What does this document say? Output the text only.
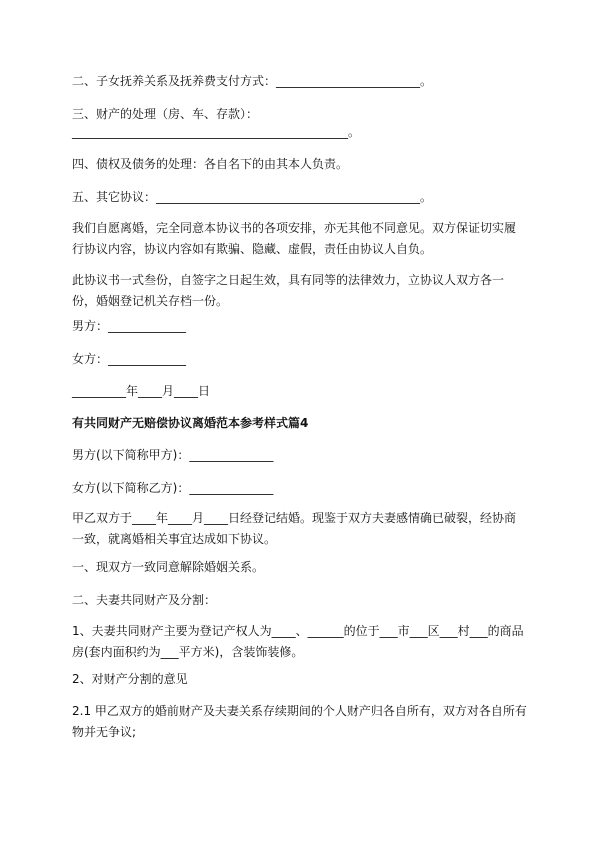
二、子女抚养关系及抚养费支付方式：________________________。
三、财产的处理（房、车、存款）：
______________________________________________。
四、债权及债务的处理：各自名下的由其本人负责。
五、其它协议：____________________________________________。
我们自愿离婚，完全同意本协议书的各项安排，亦无其他不同意见。双方保证切实履行协议内容，协议内容如有欺骗、隐藏、虚假，责任由协议人自负。
此协议书一式叁份，自签字之日起生效，具有同等的法律效力，立协议人双方各一份，婚姻登记机关存档一份。
男方：_____________
女方：_____________
_________年____月____日
有共同财产无赔偿协议离婚范本参考样式篇4
男方(以下简称甲方)：______________
女方(以下简称乙方)：______________
甲乙双方于____年____月____日经登记结婚。现鉴于双方夫妻感情确已破裂，经协商一致，就离婚相关事宜达成如下协议。
一、现双方一致同意解除婚姻关系。
二、夫妻共同财产及分割：
1、夫妻共同财产主要为登记产权人为____、______的位于___市___区___村___的商品房(套内面积约为___平方米)，含装饰装修。
2、对财产分割的意见
2.1 甲乙双方的婚前财产及夫妻关系存续期间的个人财产归各自所有，双方对各自所有物并无争议;
